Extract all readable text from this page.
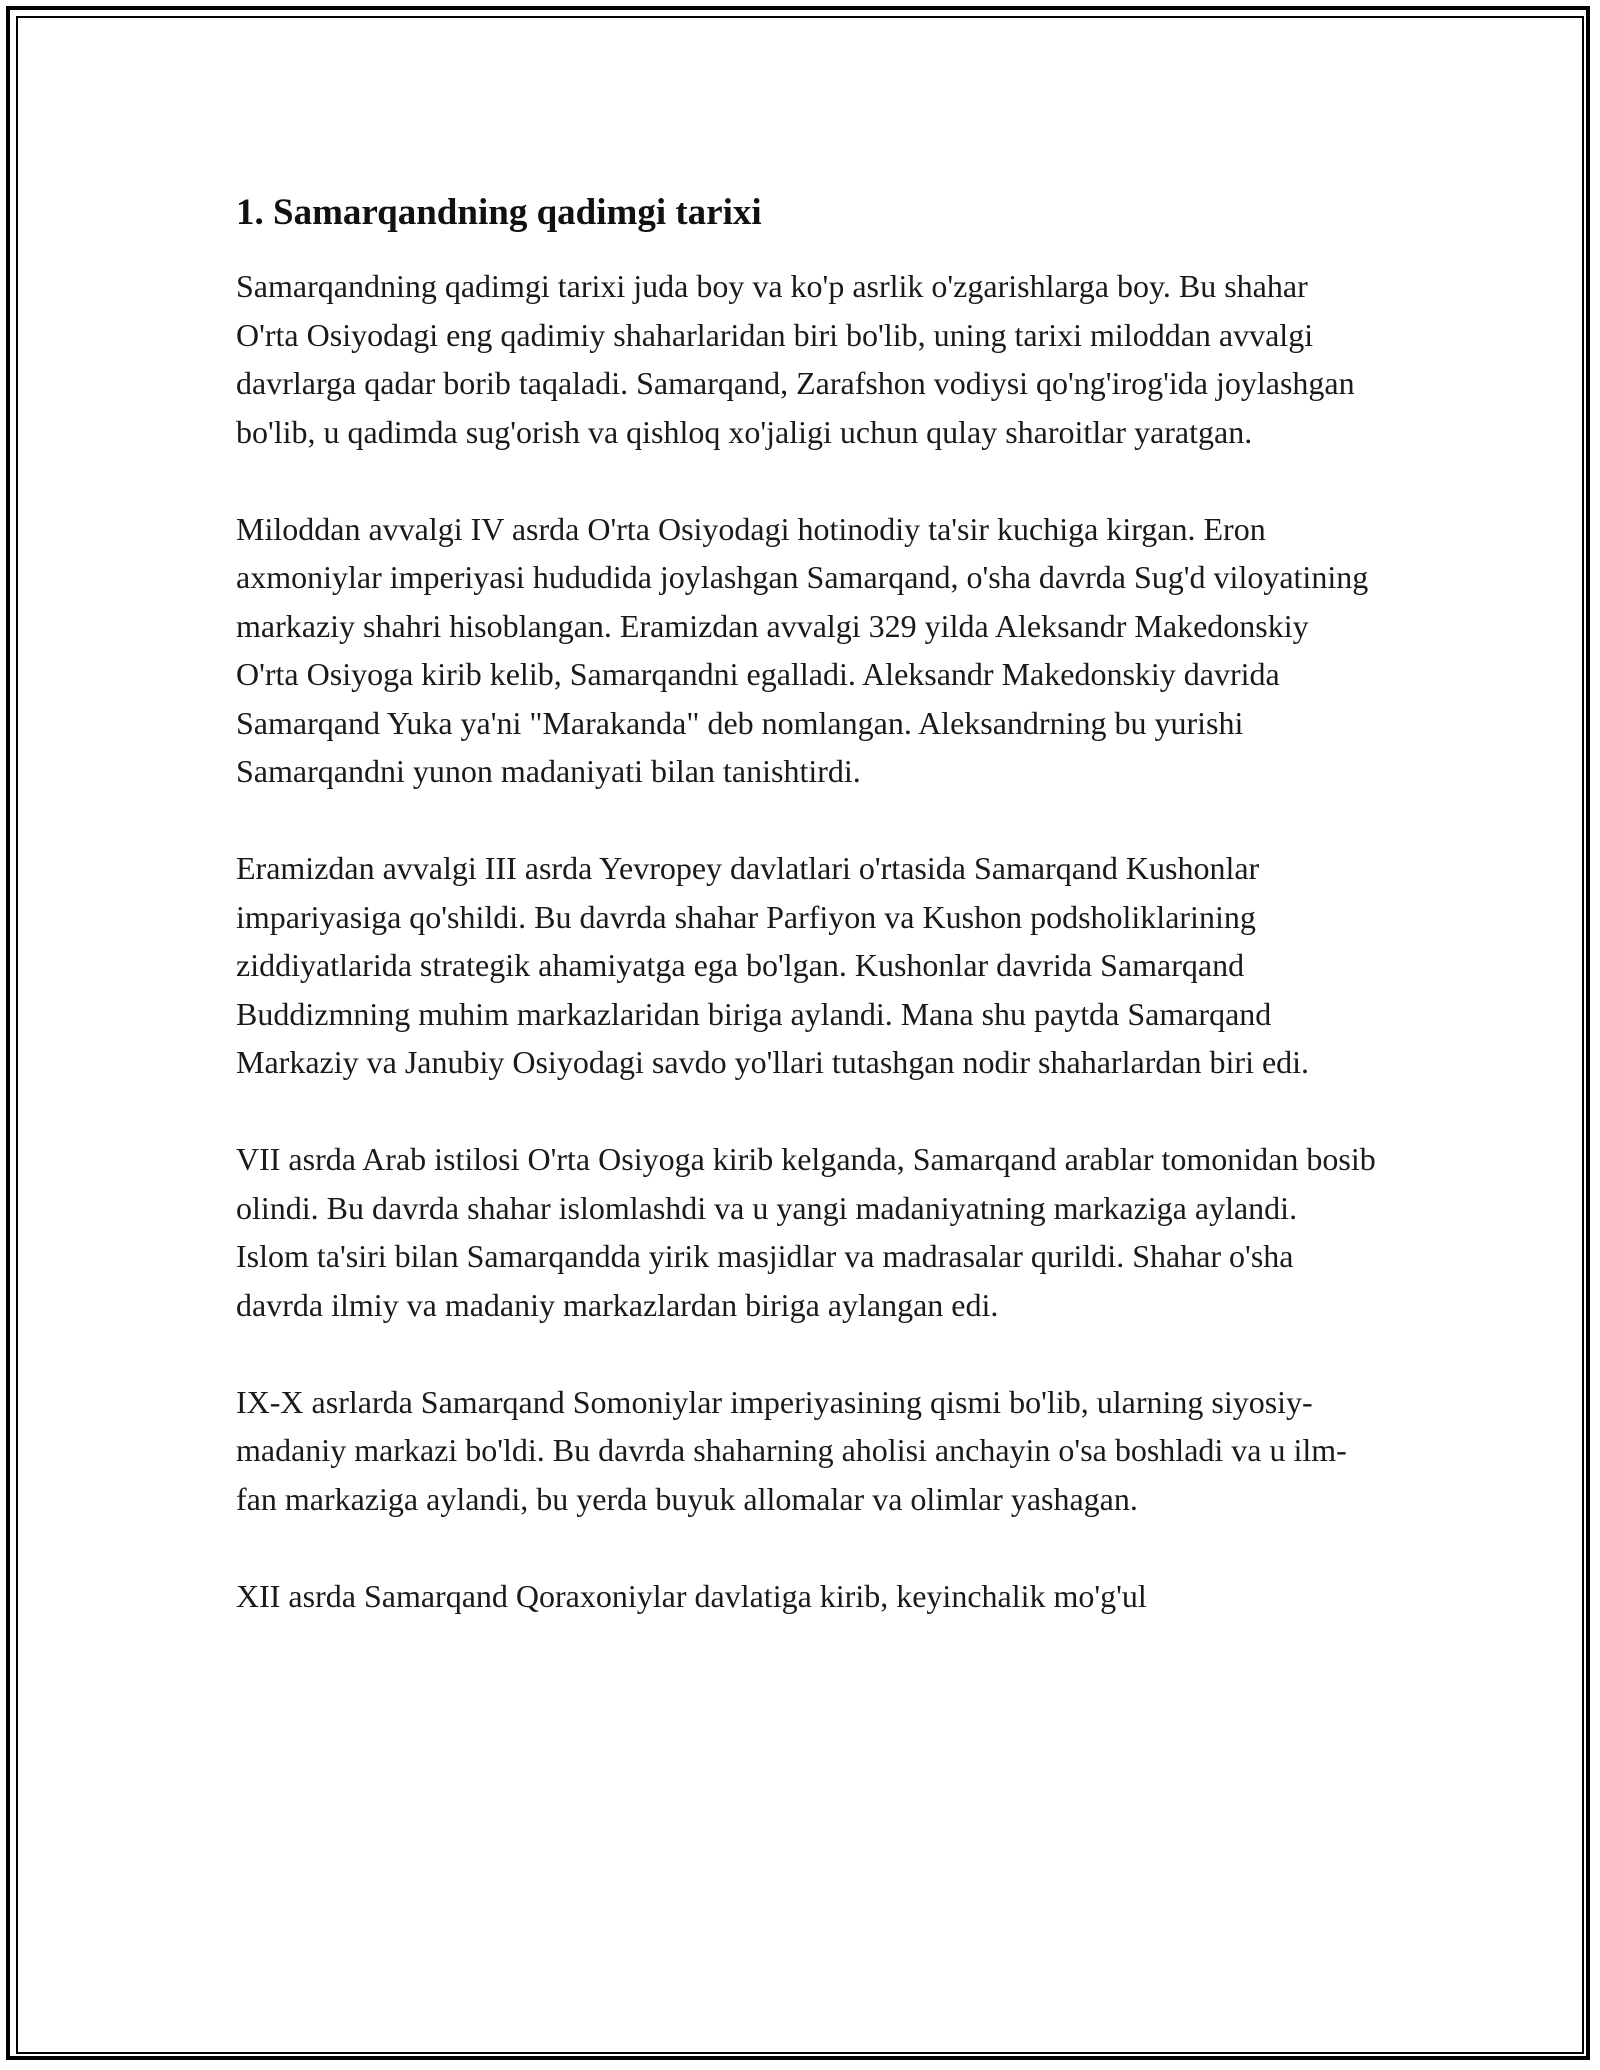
1. Samarqandning qadimgi tarixi

Samarqandning qadimgi tarixi juda boy va ko'p asrlik o'zgarishlarga boy. Bu shahar O'rta Osiyodagi eng qadimiy shaharlaridan biri bo'lib, uning tarixi miloddan avvalgi davrlarga qadar borib taqaladi. Samarqand, Zarafshon vodiysi qo'ng'irog'ida joylashgan bo'lib, u qadimda sug'orish va qishloq xo'jaligi uchun qulay sharoitlar yaratgan.

Miloddan avvalgi IV asrda O'rta Osiyodagi hotinodiy ta'sir kuchiga kirgan. Eron axmoniylar imperiyasi hududida joylashgan Samarqand, o'sha davrda Sug'd viloyatining markaziy shahri hisoblangan. Eramizdan avvalgi 329 yilda Aleksandr Makedonskiy O'rta Osiyoga kirib kelib, Samarqandni egalladi. Aleksandr Makedonskiy davrida Samarqand Yuka ya'ni "Marakanda" deb nomlangan. Aleksandrning bu yurishi Samarqandni yunon madaniyati bilan tanishtirdi.

Eramizdan avvalgi III asrda Yevropey davlatlari o'rtasida Samarqand Kushonlar impariyasiga qo'shildi. Bu davrda shahar Parfiyon va Kushon podsholiklarining ziddiyatlarida strategik ahamiyatga ega bo'lgan. Kushonlar davrida Samarqand Buddizmning muhim markazlaridan biriga aylandi. Mana shu paytda Samarqand Markaziy va Janubiy Osiyodagi savdo yo'llari tutashgan nodir shaharlardan biri edi.

VII asrda Arab istilosi O'rta Osiyoga kirib kelganda, Samarqand arablar tomonidan bosib olindi. Bu davrda shahar islomlashdi va u yangi madaniyatning markaziga aylandi. Islom ta'siri bilan Samarqandda yirik masjidlar va madrasalar qurildi. Shahar o'sha davrda ilmiy va madaniy markazlardan biriga aylangan edi.

IX-X asrlarda Samarqand Somoniylar imperiyasining qismi bo'lib, ularning siyosiy-madaniy markazi bo'ldi. Bu davrda shaharning aholisi anchayin o'sa boshladi va u ilm-fan markaziga aylandi, bu yerda buyuk allomalar va olimlar yashagan.

XII asrda Samarqand Qoraxoniylar davlatiga kirib, keyinchalik mo'g'ul
